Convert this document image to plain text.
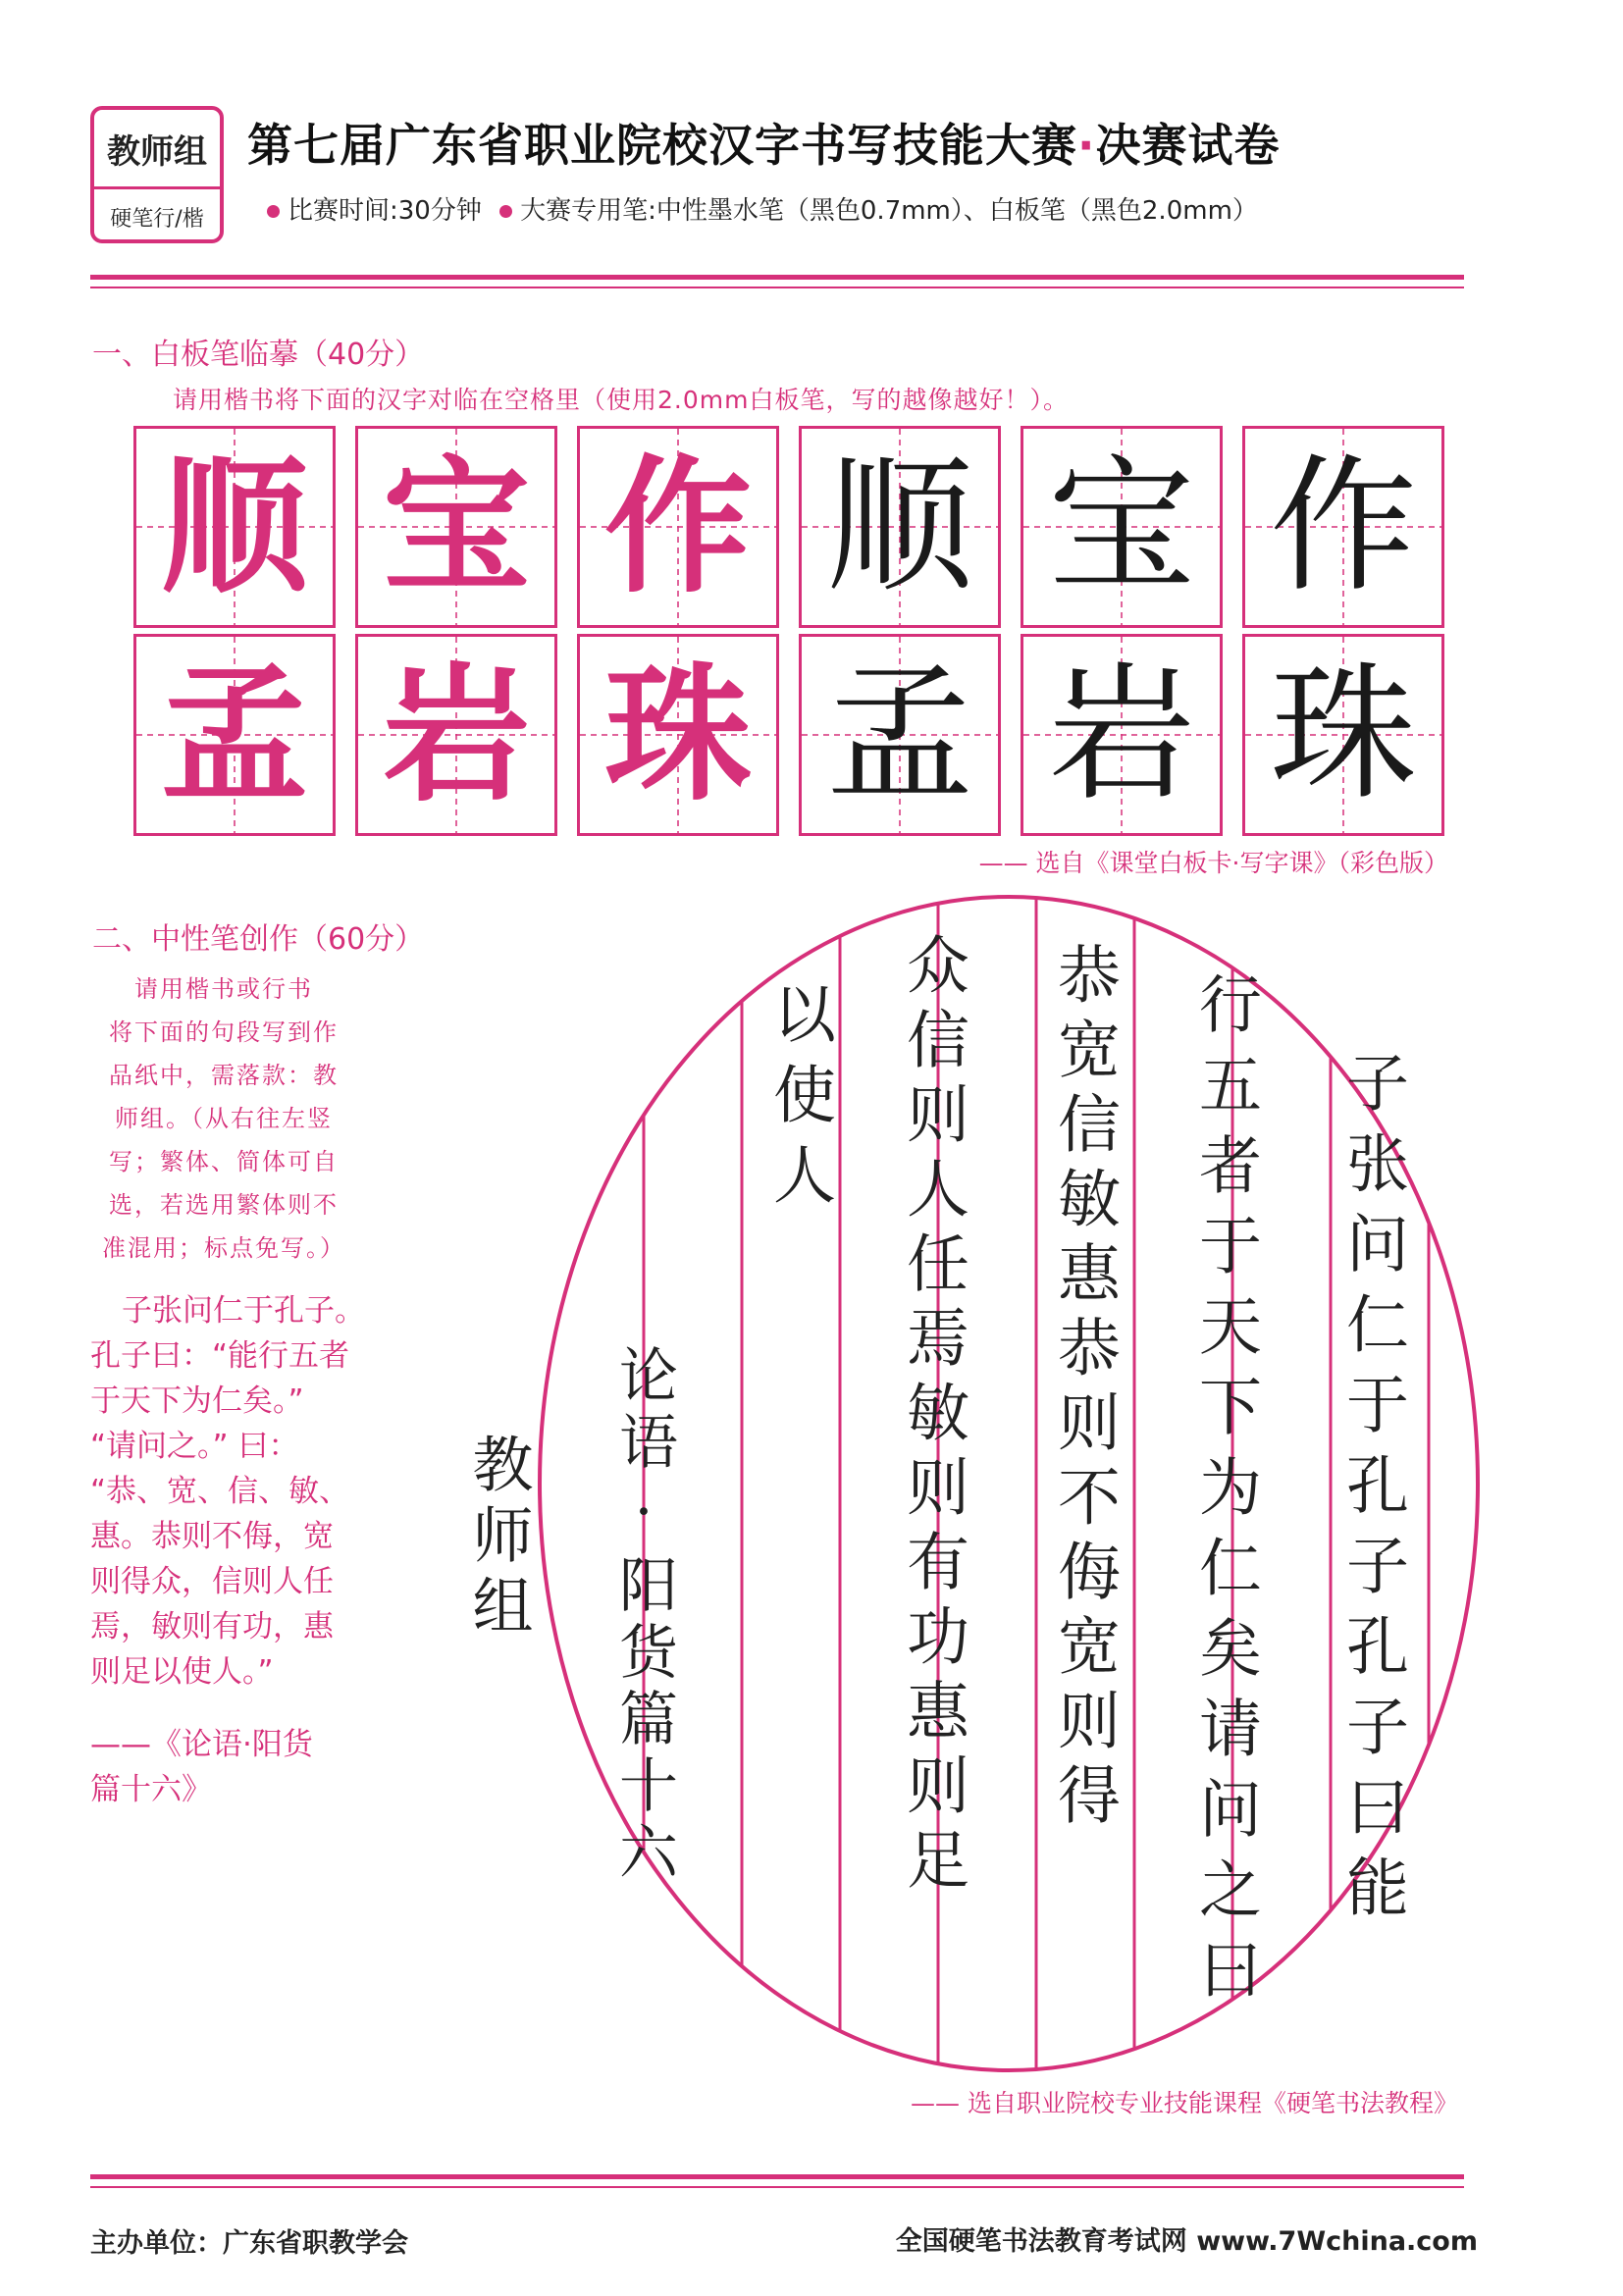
教师组
硬笔行/楷
第七届广东省职业院校汉字书写技能大赛·决赛试卷
比赛时间:30分钟 大赛专用笔:中性墨水笔（黑色0.7mm）、白板笔（黑色2.0mm）
一、白板笔临摹（40分）
请用楷书将下面的汉字对临在空格里（使用2.0mm白板笔，写的越像越好！）。
顺 宝 作 顺 宝 作
孟 岩 珠 孟 岩 珠
—— 选自《课堂白板卡·写字课》（彩色版）
二、中性笔创作（60分）
请用楷书或行书
将下面的句段写到作
品纸中，需落款：教
师组。（从右往左竖
写；繁体、简体可自
选，若选用繁体则不
准混用；标点免写。）
子张问仁于孔子。
孔子曰：“能行五者
于天下为仁矣。”
“请问之。” 曰：
“恭、宽、信、敏、
惠。恭则不侮，宽
则得众，信则人任
焉，敏则有功，惠
则足以使人。”
——《论语·阳货
篇十六》	子张问仁于孔子孔子曰能
行五者于天下为仁矣请问之曰
恭宽信敏惠恭则不侮宽则得
众信则人任焉敏则有功惠则足
以使人
论语·阳货篇十六
教师组
—— 选自职业院校专业技能课程《硬笔书法教程》
主办单位：广东省职教学会	全国硬笔书法教育考试网 www.7Wchina.com
